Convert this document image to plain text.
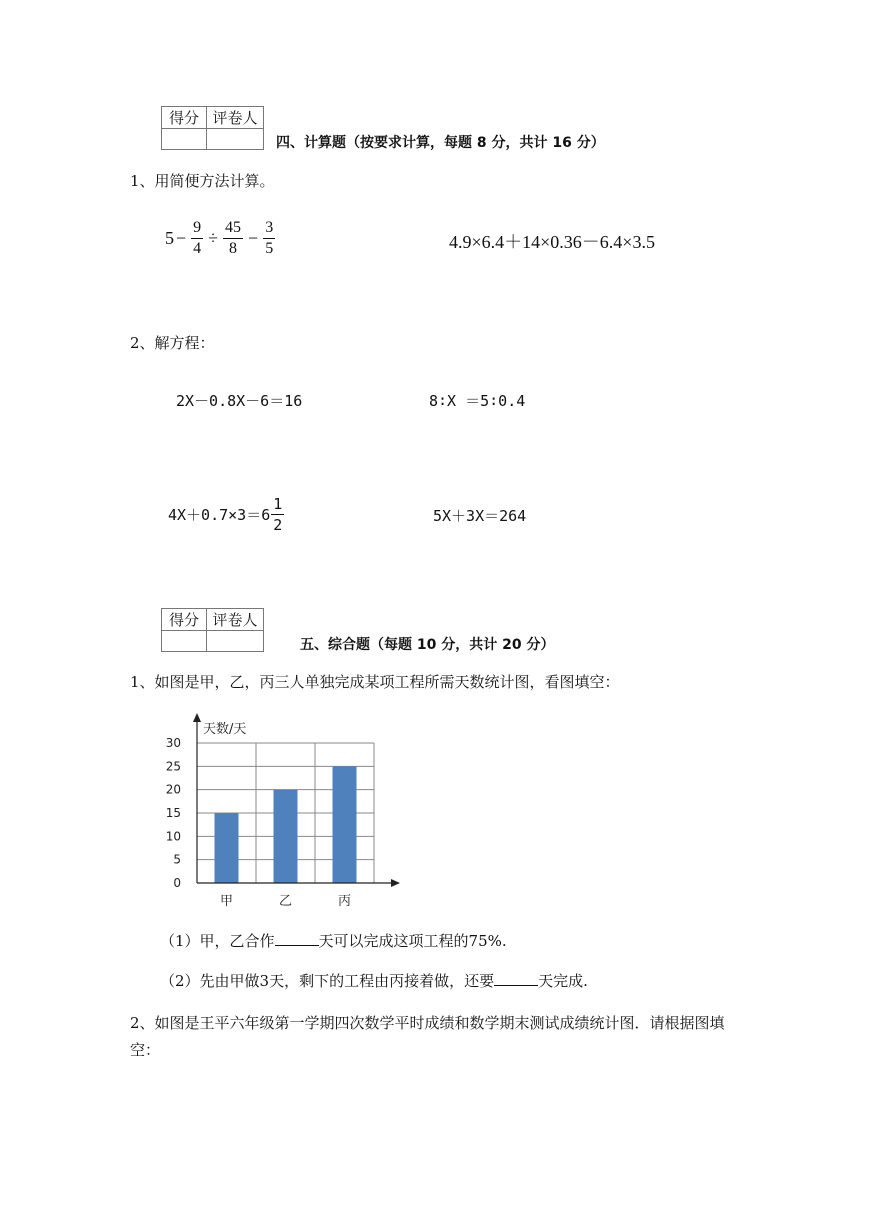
得分	评卷人

四、计算题（按要求计算，每题 8 分，共计 16 分）
1、用简便方法计算。
$5 - \frac{9}{4} \div \frac{45}{8} - \frac{3}{5}$	4.9×6.4＋14×0.36－6.4×3.5
2、解方程：
2X－0.8X－6＝16	8∶X ＝5∶0.4
$4X+0.7\times 3=6 \frac{1}{2}$	5X＋3X＝264
得分	评卷人

五、综合题（每题 10 分，共计 20 分）
1、如图是甲，乙，丙三人单独完成某项工程所需天数统计图，看图填空：
0
5
10
15
20
25
30
甲	乙	丙
天数/天
（1）甲，乙合作	天可以完成这项工程的75%.
（2）先由甲做3天，剩下的工程由丙接着做，还要	天完成.
2、如图是王平六年级第一学期四次数学平时成绩和数学期末测试成绩统计图．请根据图填
空：
